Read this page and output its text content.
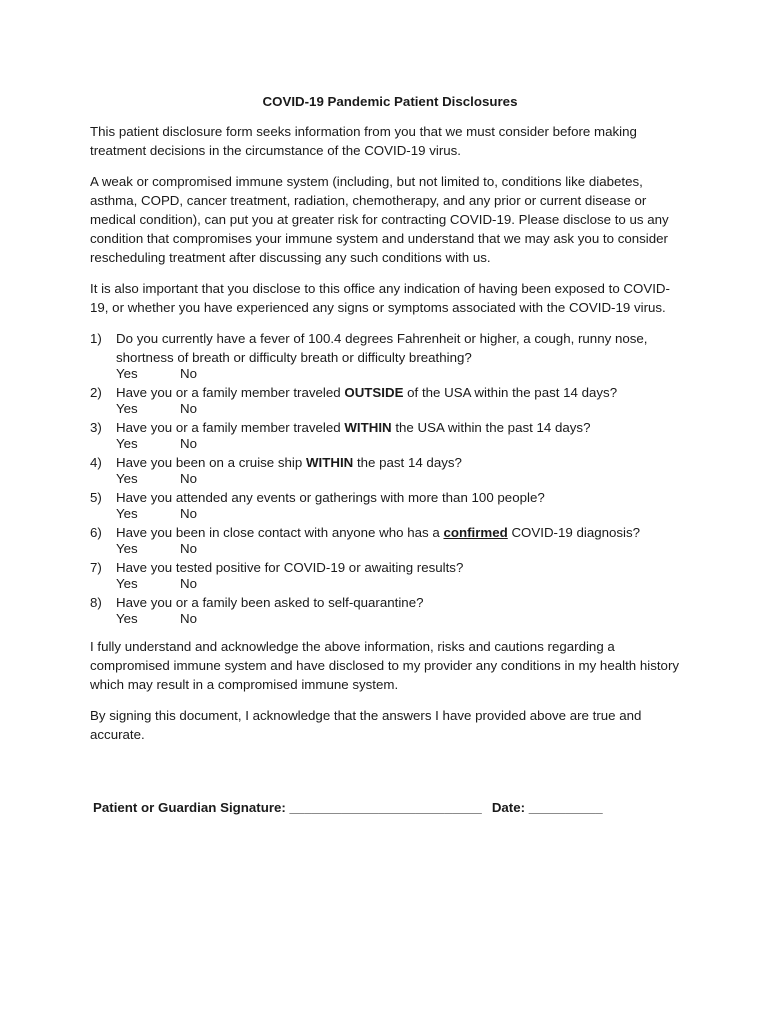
COVID-19 Pandemic Patient Disclosures

This patient disclosure form seeks information from you that we must consider before making treatment decisions in the circumstance of the COVID-19 virus.

A weak or compromised immune system (including, but not limited to, conditions like diabetes, asthma, COPD, cancer treatment, radiation, chemotherapy, and any prior or current disease or medical condition), can put you at greater risk for contracting COVID-19. Please disclose to us any condition that compromises your immune system and understand that we may ask you to consider rescheduling treatment after discussing any such conditions with us.

It is also important that you disclose to this office any indication of having been exposed to COVID-19, or whether you have experienced any signs or symptoms associated with the COVID-19 virus.

1) Do you currently have a fever of 100.4 degrees Fahrenheit or higher, a cough, runny nose, shortness of breath or difficulty breath or difficulty breathing?
Yes	No
2) Have you or a family member traveled OUTSIDE of the USA within the past 14 days?
Yes	No
3) Have you or a family member traveled WITHIN the USA within the past 14 days?
Yes	No
4) Have you been on a cruise ship WITHIN the past 14 days?
Yes	No
5) Have you attended any events or gatherings with more than 100 people?
Yes	No
6) Have you been in close contact with anyone who has a confirmed COVID-19 diagnosis?
Yes	No
7) Have you tested positive for COVID-19 or awaiting results?
Yes	No
8) Have you or a family been asked to self-quarantine?
Yes	No

I fully understand and acknowledge the above information, risks and cautions regarding a compromised immune system and have disclosed to my provider any conditions in my health history which may result in a compromised immune system.

By signing this document, I acknowledge that the answers I have provided above are true and accurate.

Patient or Guardian Signature: __________________________ Date: __________
